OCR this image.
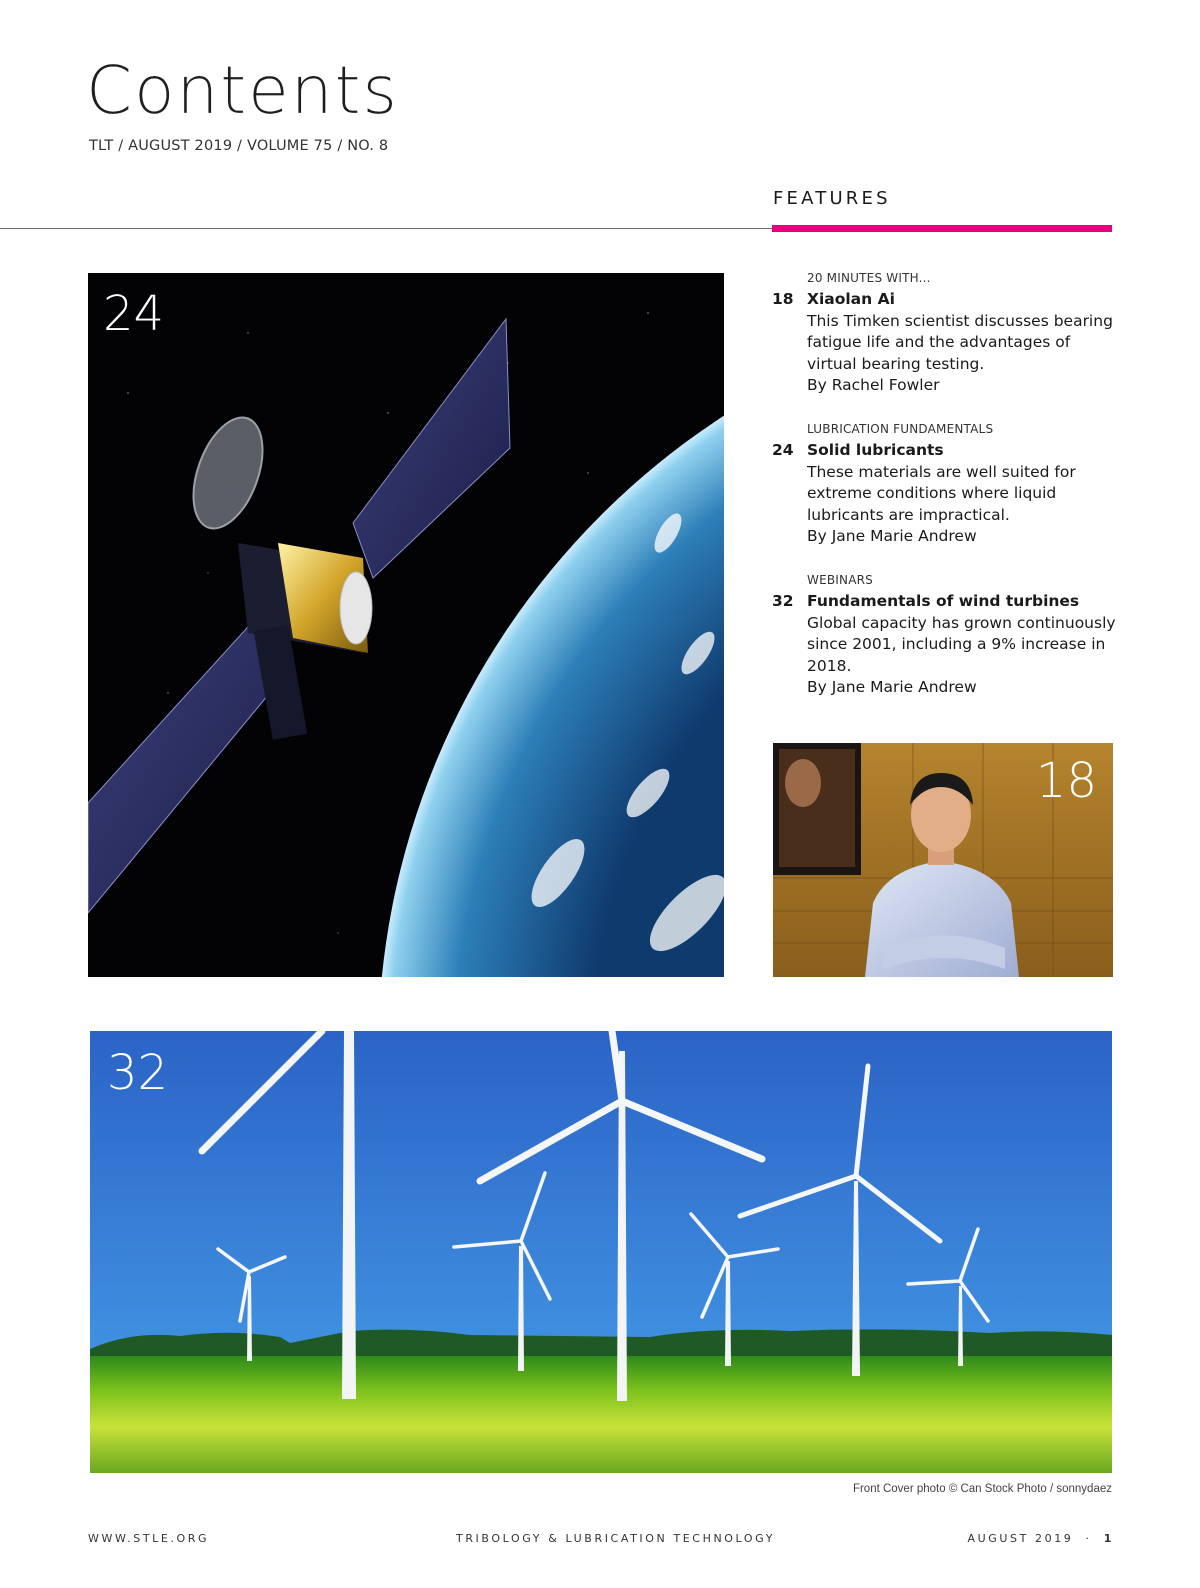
Contents
TLT / AUGUST 2019 / VOLUME 75 / NO. 8
FEATURES
20 MINUTES WITH...
18 Xiaolan Ai
This Timken scientist discusses bearing fatigue life and the advantages of virtual bearing testing.
By Rachel Fowler
LUBRICATION FUNDAMENTALS
24 Solid lubricants
These materials are well suited for extreme conditions where liquid lubricants are impractical.
By Jane Marie Andrew
WEBINARS
32 Fundamentals of wind turbines
Global capacity has grown continuously since 2001, including a 9% increase in 2018.
By Jane Marie Andrew
24
18
32
Front Cover photo © Can Stock Photo / sonnydaez
WWW.STLE.ORG	TRIBOLOGY & LUBRICATION TECHNOLOGY	AUGUST 2019 · 1
